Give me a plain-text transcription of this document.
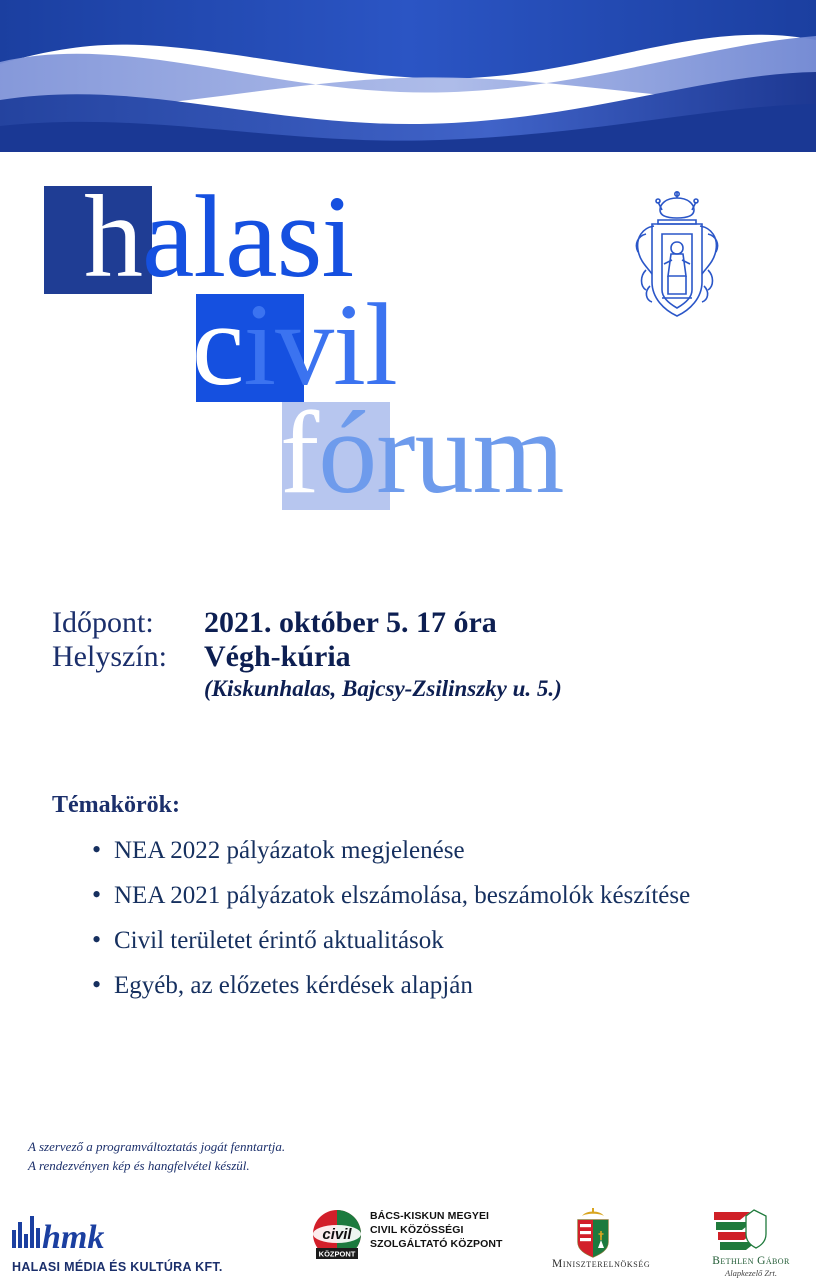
halasi
civil
fórum
Időpont:	2021. október 5. 17 óra
Helyszín:	Végh-kúria
(Kiskunhalas, Bajcsy-Zsilinszky u. 5.)
Témakörök:
• NEA 2022 pályázatok megjelenése
• NEA 2021 pályázatok elszámolása, beszámolók készítése
• Civil területet érintő aktualitások
• Egyéb, az előzetes kérdések alapján
A szervező a programváltoztatás jogát fenntartja.
A rendezvényen kép és hangfelvétel készül.
hmk
HALASI MÉDIA ÉS KULTÚRA KFT.
civil
KÖZPONT
BÁCS-KISKUN MEGYEI
CIVIL KÖZÖSSÉGI
SZOLGÁLTATÓ KÖZPONT
Miniszterelnökség	Bethlen Gábor
Alapkezelő Zrt.
